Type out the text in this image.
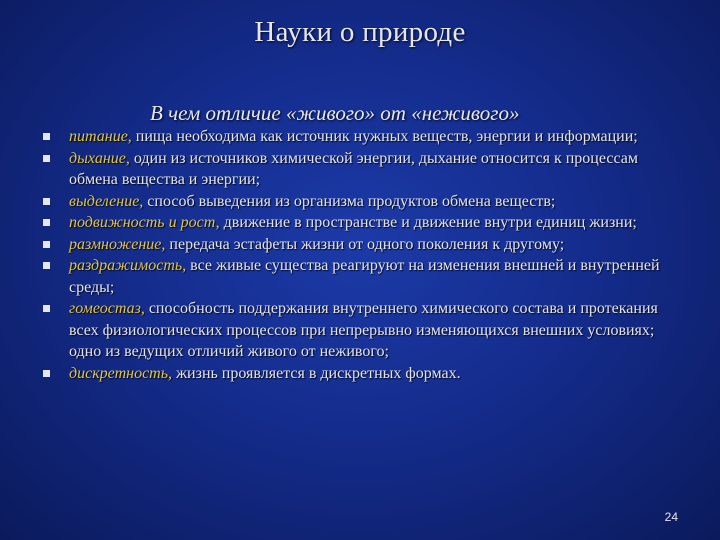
Науки о природе
В чем отличие «живого» от «неживого»
питание, пища необходима как источник нужных веществ, энергии и информации;
дыхание, один из источников химической энергии, дыхание относится к процессам обмена вещества и энергии;
выделение, способ выведения из организма продуктов обмена веществ;
подвижность и рост, движение в пространстве и движение внутри единиц жизни;
размножение, передача эстафеты жизни от одного поколения к другому;
раздражимость, все живые существа реагируют на изменения внешней и внутренней среды;
гомеостаз, способность поддержания внутреннего химического состава и протекания всех физиологических процессов при непрерывно изменяющихся внешних условиях; одно из ведущих отличий живого от неживого;
дискретность, жизнь проявляется в дискретных формах.
24
